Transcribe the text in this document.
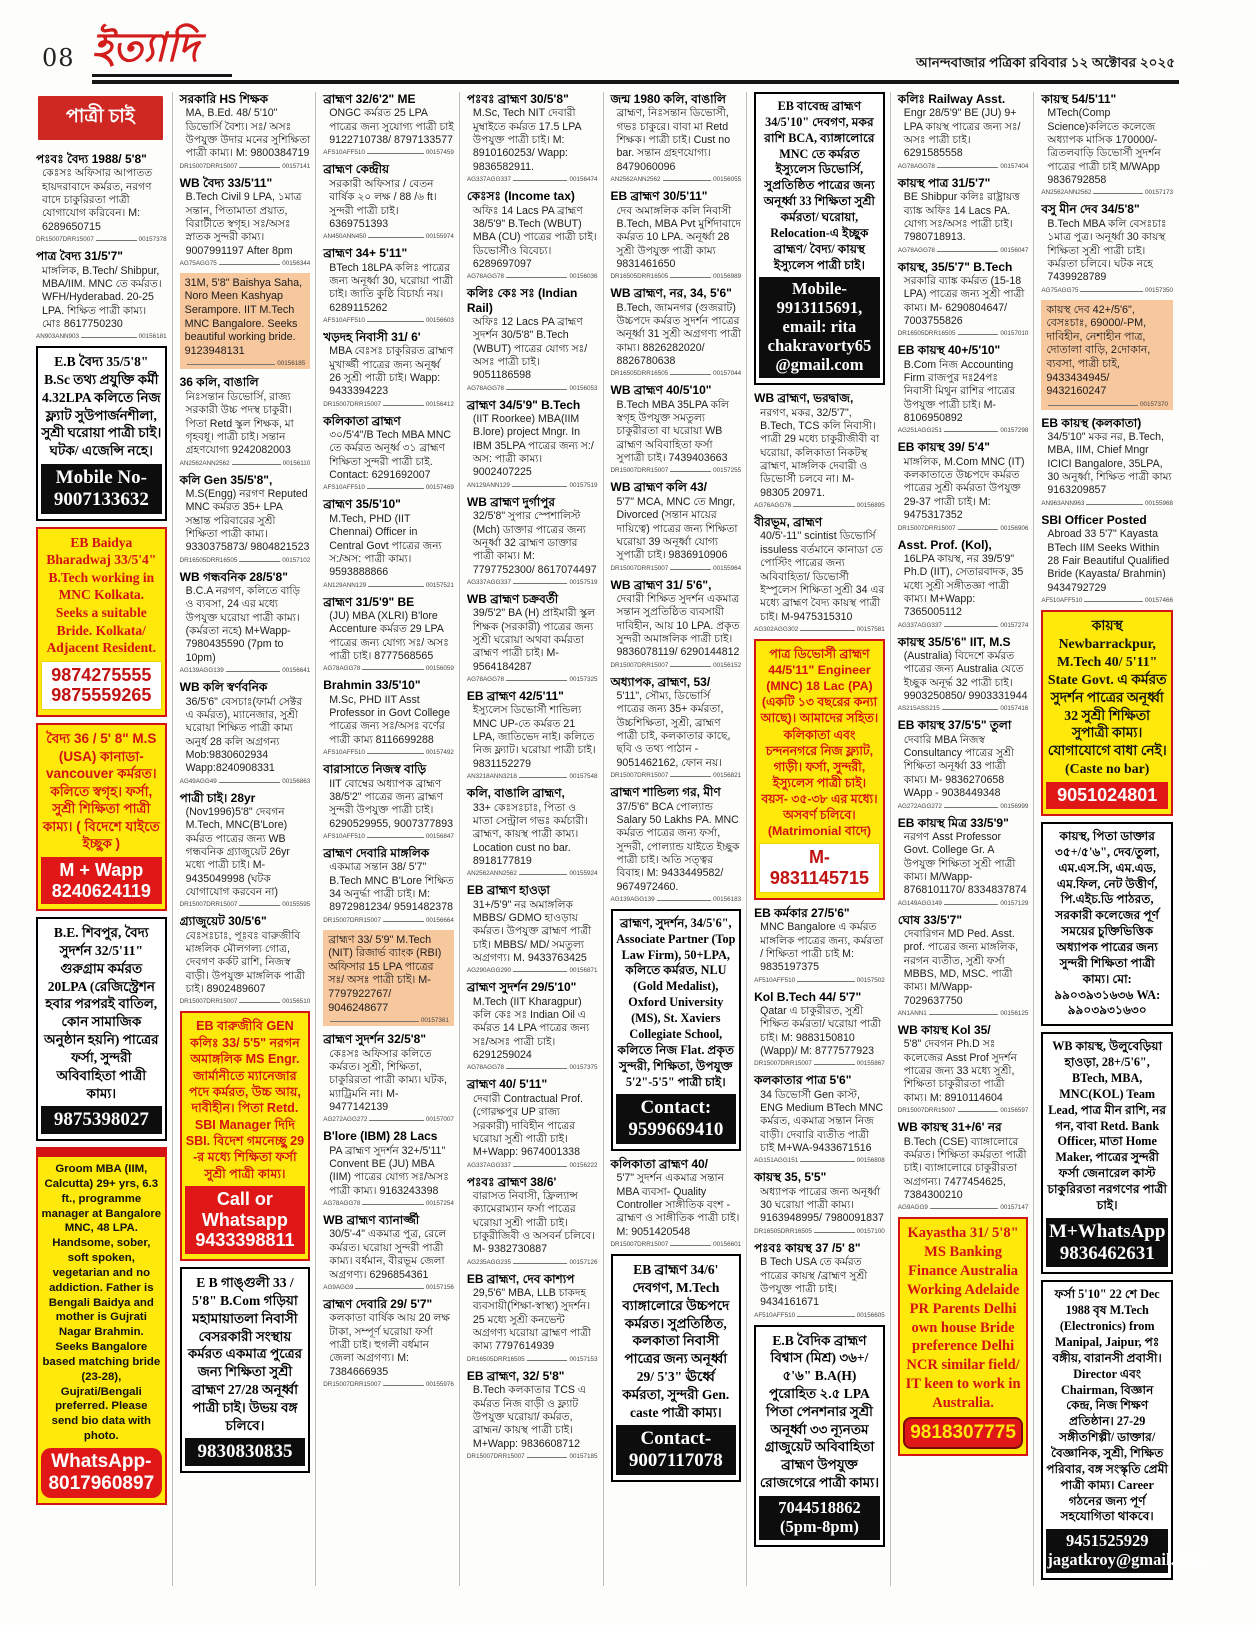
08 ইত্যাদি	আনন্দবাজার পত্রিকা রবিবার ১২ অক্টোবর ২০২৫
পাত্রী চাই
পঃবঃ বৈদ্য 1988/ 5'8"
কেঃসঃ অফিসার আপাতত হায়দরাবাদে কর্মরত, নরগণ বাদে চাকুরিরতা পাত্রী যোগাযোগ করিবেন। M: 6289650715
DR15007DRR15007	00157378
পাত্র বৈদ্য 31/5'7"
মাঙ্গলিক, B.Tech/ Shibpur, MBA/IIM. MNC তে কর্মরত। WFH/Hyderabad. 20-25 LPA. শিক্ষিত পাত্রী কাম্য। মোঃ 8617750230
AN903ANN903	00156181
E.B বৈদ্য 35/5'8" B.Sc তথ্য প্রযুক্তি কর্মী 4.32LPA কলিতে নিজ ফ্ল্যাট সুউপার্জনশীলা, সুশ্রী ঘরোয়া পাত্রী চাই। ঘটক/ এজেন্সি নহে।
Mobile No- 9007133632
EB Baidya Bharadwaj 33/5'4" B.Tech working in MNC Kolkata. Seeks a suitable Bride. Kolkata/ Adjacent Resident.
9874275555 9875559265
বৈদ্য 36 / 5' 8" M.S (USA) কানাডা- vancouver কর্মরত। কলিতে স্বগৃহ। ফর্সা, সুশ্রী শিক্ষিতা পাত্রী কাম্য। ( বিদেশে যাইতে ইচ্ছুক )
M + Wapp 8240624119
B.E. শিবপুর, বৈদ্য সুদর্শন 32/5'11" গুরুগ্রাম কর্মরত 20LPA (রেজিস্ট্রেশন হবার পরপরই বাতিল, কোন সামাজিক অনুষ্ঠান হয়নি) পাত্রের ফর্সা, সুন্দরী অবিবাহিতা পাত্রী কাম্য।
9875398027
Groom MBA (IIM, Calcutta) 29+ yrs, 6.3 ft., programme manager at Bangalore MNC, 48 LPA. Handsome, sober, soft spoken, vegetarian and no addiction. Father is Bengali Baidya and mother is Gujrati Nagar Brahmin. Seeks Bangalore based matching bride (23-28), Gujrati/Bengali preferred. Please send bio data with photo.
WhatsApp- 8017960897
সরকারি HS শিক্ষক
MA, B.Ed. 48/ 5'10" ডিভোর্সি বৈশ্য। সঃ/ অসঃ উপযুক্ত উদার মনের সুশিক্ষিতা পাত্রী কাম্য। M: 9800384719
DR15007DRR15007	00157141
WB বৈদ্য 33/5'11"
B.Tech Civil 9 LPA, ১মাত্র সন্তান, পিতামাতা প্রয়াত, বিরাটীতে স্বগৃহ। সঃ/অসঃ স্নাতক সুন্দরী কাম্য। 9007991197 After 8pm
AG75AGG75	00156344
31M, 5'8" Baishya Saha, Noro Meen Kashyap Serampore. IIT M.Tech MNC Bangalore. Seeks beautiful working bride. 9123948131
00156185
36 কলি, বাঙালি
নিঃসন্তান ডিভোর্সি, রাজ্য সরকারী উচ্চ পদস্থ চাকুরী। পিতা Retd স্কুল শিক্ষক, মা গৃহবধূ। পাত্রী চাই। সন্তান গ্রহণযোগ্য 9242082003
AN2562ANN2562	00156110
কলি Gen 35/5'8",
M.S(Engg) নরগণ Reputed MNC কর্মরত 35+ LPA সম্ভ্রান্ত পরিবারের সুশ্রী শিক্ষিতা পাত্রী কাম্য। 9330375873/ 9804821523
DR16505DRR16505	00157102
WB গন্ধবনিক 28/5'8"
B.C.A নরগণ, কলিতে বাড়ি ও ব্যবসা, 24 এর মধ্যে উপযুক্ত ঘরোয়া পাত্রী কাম্য। (কর্মরতা নহে) M+Wapp-7980435590 (7pm to 10pm)
AG139AGG139	00156641
WB কলি স্বর্ণবনিক
36/5'6" বেসচাঃ(ফার্মা সেক্টর এ কর্মরত), ম্যানেজার, সুশ্রী ঘরোয়া শিক্ষিত পাত্রী কাম্য অনুর্ধ 28 কলি অগ্রগন্য Mob:9830602934 Wapp:8240908331
AG49AGG49	00156863
পাত্রী চাই। 28yr
(Nov1996)5'8" দেবগন M.Tech, MNC(B'Lore) কর্মরত পাত্রের জন্য WB গন্ধবনিক গ্র্যাজুয়েট 26yr মধ্যে পাত্রী চাই। M-9435049998 (ঘটক যোগাযোগ করবেন না)
DR15007DRR15007	00155595
গ্র্যাজুয়েট 30/5'6"
বেঃসঃচাঃ, পূঃবঃ বারুজীবি মাঙ্গলিক মৌলগল্য গোত্র, দেবগণ কর্কট রাশি, নিজস্ব বাড়ী। উপযুক্ত মাঙ্গলিক পাত্রী চাই। 8902489607
DR15007DRR15007	00156510
EB বারুজীবি GEN কলিঃ 33/ 5'5" নরগন অমাঙ্গলিক MS Engr. জার্মানীতে ম্যানেজার পদে কর্মরত, উচ্চ আয়, দাবীহীন। পিতা Retd. SBI Manager দিদি SBI. বিদেশ গমনেচ্ছু 29 -র মধ্যে শিক্ষিতা ফর্সা সুশ্রী পাত্রী কাম্য।
Call or Whatsapp 9433398811
E B গাঙ্গুলী 33 / 5'8" B.Com গড়িয়া মহামায়াতলা নিবাসী বেসরকারী সংস্থায় কর্মরত একমাত্র পুত্রের জন্য শিক্ষিতা সুশ্রী ব্রাহ্মণ 27/28 অনূর্ধ্বা পাত্রী চাই। উভয় বঙ্গ চলিবে।
9830830835
ব্রাহ্মণ 32/6'2" ME
ONGC কর্মরত 25 LPA পাত্রের জন্য সুযোগ্য পাত্রী চাই 9122710738/ 8797133577
AFS10AFF510	00157459
ব্রাহ্মণ কেন্দ্রীয়
সরকারী অফিসার / বেতন বার্ষিক ২০ লক্ষ / 88 /৬ ft। সুন্দরী পাত্রী চাই। 6369751393
AN450ANN450	00155974
ব্রাহ্মণ 34+ 5'11"
BTech 18LPA কলিঃ পাত্রের জন্য অনূর্ধ্বা 30, ঘরোয়া পাত্রী চাই। জাতি কুষ্ঠি বিচার্য্য নয়। 6289115262
AFS10AFF510	00156603
খড়দহ নিবাসী 31/ 6'
MBA বেঃসঃ চাকুরিরত ব্রাহ্মণ মুখার্জ্জী পাত্রের জন্য অনূর্ধ্ব 26 সুশ্রী পাত্রী চাই। Wapp: 9433394223
DR15007DRR15007	00156412
কলিকাতা ব্রাহ্মণ
৩০/5'4"/B Tech MBA MNC তে কর্মরত অনূর্ধ্ব ৩১ ব্রাহ্মণ শিক্ষিতা সুন্দরী পাত্রী চাই. Contact: 6291692007
AFS10AFF510	00157469
ব্রাহ্মণ 35/5'10"
M.Tech, PHD (IIT Chennai) Officer in Central Govt পাত্রের জন্য স:/অস: পাত্রী কাম্য। 9593888866
AN129ANN129	00157521
ব্রাহ্মণ 31/5'9" BE
(JU) MBA (XLRI) B'lore Accenture কর্মরত 29 LPA পাত্রের জন্য যোগ্য সঃ/ অসঃ পাত্রী চাই। 8777568565
AG78AGG78	00156059
Brahmin 33/5'10"
M.Sc, PHD IIT Asst Professor in Govt College পাত্রের জন্য সঃ/অসঃ বর্ণের পাত্রী কাম্য 8116699288
AFS10AFF510	00157492
বারাসাতে নিজস্ব বাড়ি
IIT বোম্বের অধ্যাপক ব্রাহ্মণ 38/5'2" পাত্রের জন্য ব্রাহ্মণ সুন্দরী উপযুক্ত পাত্রী চাই। 6290529955, 9007377893
AFS10AFF510	00156847
ব্রাহ্মণ দেবারি মাঙ্গলিক
একমাত্র সন্তান 38/ 5'7" B.Tech MNC B'Lore শিক্ষিত 34 অনুর্দ্ধা পাত্রী চাই। M: 8972981234/ 9591482378
DR15007DRR15007	00156664
ব্রাহ্মণ 33/ 5'9" M.Tech (NIT) রিজার্ভ ব্যাংক (RBI) অফিসার 15 LPA পাত্রের সঃ/ অসঃ পাত্রী চাই। M- 7797922767/ 9046248677
00157361
ব্রাহ্মণ সুদর্শন 32/5'8"
কেঃসঃ অফিসার কলিতে কর্মরত। সুশ্রী, শিক্ষিতা, চাকুরিরতা পাত্রী কাম্য। ঘটক, ম্যাট্রিমনি না। M- 9477142139
AG272AGG272	00157007
B'lore (IBM) 28 Lacs
PA ব্রাহ্মণ সুদর্শন 32+/5'11" Convent BE (JU) MBA (IIM) পাত্রের যোগ্য সঃ/অসঃ পাত্রী কাম্য। 9163243398
AG78AGG78	00157254
WB ব্রাহ্মণ ব্যানার্জ্জী
30/5'-4" একমাত্র পুত্র, রেলে কর্মরত। ঘরোয়া সুন্দরী পাত্রী কাম্য। বর্ধমান, বীরভূম জেলা অগ্রগণ্য। 6296854361
AG9AGG9	00157156
ব্রাহ্মণ দেবারি 29/ 5'7"
কলকাতা বার্ষিক আয় 20 লক্ষ টাকা, সম্পূর্ণ ঘরোয়া ফর্সা পাত্রী চাই। হুগলী বর্ধমান জেলা অগ্রগণ্য। M: 7384666935
DR15007DRR15007	00155976
পঃবঃ ব্রাহ্মণ 30/5'8"
M.Sc, Tech NIT দেবারী মুম্বাইতে কর্মরত 17.5 LPA উপযুক্ত পাত্রী চাই। M: 8910160253/ Wapp: 9836582911.
AG337AGG337	00156474
কেঃসঃ (Income tax)
অফিঃ 14 Lacs PA ব্রাহ্মণ 38/5'9" B.Tech (WBUT) MBA (CU) পাত্রের পাত্রী চাই। ডিভোর্সীও বিবেচ্য। 6289697097
AG78AGG78	00156036
কলিঃ কেঃ সঃ (Indian Rail)
অফিঃ 12 Lacs PA ব্রাহ্মণ সুদর্শন 30/5'8" B.Tech (WBUT) পাত্রের যোগ্য সঃ/অসঃ পাত্রী চাই। 9051186598
AG78AGG78	00156053
ব্রাহ্মণ 34/5'9" B.Tech
(IIT Roorkee) MBA(IIM B.lore) project Mngr. In IBM 35LPA পাত্রের জন্য স:/অস: পাত্রী কাম্য। 9002407225
AN129ANN129	00157519
WB ব্রাহ্মণ দুর্গাপুর
32/5'8" সুপার স্পেশালিস্ট (Mch) ডাক্তার পাত্রের জন্য অনূর্ধ্বা 32 ব্রাহ্মণ ডাক্তার পাত্রী কাম্য। M: 7797752300/ 8617074497
AG337AGG337	00157519
WB ব্রাহ্মণ চক্রবর্তী
39/5'2" BA (H) প্রাইমারী স্কুল শিক্ষক (সরকারী) পাত্রের জন্য সুশ্রী ঘরোয়া অথবা কর্মরতা ব্রাহ্মণ পাত্রী চাই। M- 9564184287
AG78AGG78	00157325
EB ব্রাহ্মণ 42/5'11"
ইস্যুলেস ডিভোর্সী শান্ডিল্য MNC UP-তে কর্মরত 21 LPA, জাতিভেদ নাই। কলিতে নিজ ফ্ল্যাট। ঘরোয়া পাত্রী চাই। 9831152279
AN3218ANN3218	00157548
কলি, বাঙালি ব্রাহ্মণ,
33+ কেঃসঃচাঃ, পিতা ও মাতা সেন্ট্রাল গভঃ কর্মচারী। ব্রাহ্মণ, কায়স্থ পাত্রী কাম্য। Location cust no bar. 8918177819
AN2562ANN2562	00155924
EB ব্রাহ্মণ হাওড়া
31+/5'9" নর অমাঙ্গলিক MBBS/ GDMO হাওড়ায় কর্মরত। উপযুক্ত ব্রাহ্মণ পাত্রী চাই। MBBS/ MD/ সমতুল্য অগ্রগণ্য। M. 9433763425
AG290AGG290	00156871
ব্রাহ্মণ সুদর্শন 29/5'10"
M.Tech (IIT Kharagpur) কলি কেঃ সঃ Indian Oil এ কর্মরত 14 LPA পাত্রের জন্য সঃ/অসঃ পাত্রী চাই। 6291259024
AG78AGG78	00157375
ব্রাহ্মণ 40/ 5'11"
দেবারী Contractual Prof. (গোরক্ষপুর UP রাজ্য সরকারী) দাবিহীন পাত্রের ঘরোয়া সুশ্রী পাত্রী চাই। M+Wapp: 9674001338
AG337AGG337	00156222
পঃবঃ ব্রাহ্মণ 38/6'
বারাসত নিবাসী, ফ্রিল্যান্স ক্যামেরাম্যান ফর্সা পাত্রের ঘরোয়া সুশ্রী পাত্রী চাই। চাকুরীজিবী ও অসবর্ন চলিবে। M- 9382730887
AG235AGG235	00157126
EB ব্রাহ্মণ, দেব কাশ্যপ
29,5'6" MBA, LLB চাকদহ ব্যবসায়ী(শিক্ষা-স্বাস্থ্য) সুদর্শন। 25 মধ্যে সুশ্রী কনভেন্ট অগ্রগণ্য ঘরোয়া ব্রাহ্মণ পাত্রী কাম্য 7797614939
DR16505DRR16505	00157153
EB ব্রাহ্মণ, 32/ 5'8"
B.Tech কলকাতার TCS এ কর্মরত নিজ বাড়ী ও ফ্ল্যাট উপযুক্ত ঘরোয়া/ কর্মরত, ব্রাহ্মন/ কায়স্থ পাত্রী চাই। M+Wapp: 9836608712
DR15007DRR15007	00157185
জন্ম 1980 কলি, বাঙালি
ব্রাহ্মণ, নিঃসন্তান ডিভোর্সী, গভঃ চাকুরে। বাবা মা Retd শিক্ষক। পাত্রী চাই। Cust no bar. সন্তান গ্রহণযোগ্য। 8479060096
AN2562ANN2562	00156055
EB ব্রাহ্মণ 30/5'11"
দেব অমাঙ্গলিক কলি নিবাসী B.Tech, MBA Pvt মুর্শিদাবাদে কর্মরত 10 LPA. অনূর্ধ্বা 28 সুশ্রী উপযুক্ত পাত্রী কাম্য 9831461650
DR16505DRR16505	00156989
WB ব্রাহ্মণ, নর, 34, 5'6"
B.Tech, জামনগর (গুজরাট) উচ্চপদে কর্মরত সুদর্শন পাত্রের অনূর্ধ্বা 31 সুশ্রী অগ্রগণ্য পাত্রী কাম্য। 8826282020/ 8826780638
DR16505DRR16505	00157044
WB ব্রাহ্মণ 40/5'10"
B.Tech MBA 35LPA কলি স্বগৃহ উপযুক্ত সমতুল্য চাকুরীরতা বা ঘরোয়া WB ব্রাহ্মণ অবিবাহিতা ফর্সা সুপাত্রী চাই। 7439403663
DR15007DRR15007	00157255
WB ব্রাহ্মণ কলি 43/
5'7" MCA, MNC তে Mngr, Divorced (সন্তান মায়ের দায়িত্বে) পাত্রের জন্য শিক্ষিতা ঘরোয়া 39 অনূর্ধ্বা যোগ্য সুপাত্রী চাই। 9836910906
DR15007DRR15007	00155964
WB ব্রাহ্মণ 31/ 5'6",
দেবারী শিক্ষিত সুদর্শন একমাত্র সন্তান সুপ্রতিষ্ঠিত ব্যবসায়ী দাবিহীন, আয় 10 LPA. প্রকৃত সুন্দরী অমাঙ্গলিক পাত্রী চাই। 9836078119/ 6290144812
DR15007DRR15007	00156152
অধ্যাপক, ব্রাহ্মণ, 53/
5'11", সৌম্য, ডিভোর্সি পাত্রের জন্য 35+ কর্মরতা, উচ্চশিক্ষিতা, সুশ্রী, ব্রাহ্মণ পাত্রী চাই, কলকাতার কাছে, ছবি ও তথ্য পাঠান - 9051462162, ফোন নয়।
DR15007DRR15007	00156821
ব্রাহ্মণ শান্ডিল্য গর, মীণ
37/5'6" BCA পোল্যান্ড Salary 50 Lakhs PA. MNC কর্মরত পাত্রের জন্য ফর্সা, সুন্দরী, পোল্যান্ড যাইতে ইচ্ছুক পাত্রী চাই। অতি সত্ত্বর বিবাহ। M: 9433449582/ 9674972460.
AG139AGG139	00156183
ব্রাহ্মণ, সুদর্শন, 34/5'6", Associate Partner (Top Law Firm), 50+LPA, কলিতে কর্মরত, NLU (Gold Medalist), Oxford University (MS), St. Xaviers Collegiate School, কলিতে নিজ Flat. প্রকৃত সুন্দরী, শিক্ষিতা, উপযুক্ত 5'2"-5'5" পাত্রী চাই।
Contact: 9599669410
কলিকাতা ব্রাহ্মণ 40/
5'7" সুদর্শন একমাত্র সন্তান MBA ব্যবসা- Quality Controller সাঙ্গীতিক বংশ - ব্রাহ্মণ ও সাঙ্গীতিক পাত্রী চাই। M: 9051420548
DR15007DRR15007	00156601
EB ব্রাহ্মণ 34/6' দেবগণ, M.Tech ব্যাঙ্গালোরে উচ্চপদে কর্মরত। সুপ্রতিষ্ঠিত, কলকাতা নিবাসী পাত্রের জন্য অনূর্ধ্বা 29/ 5'3" ঊর্ধ্বে কর্মরতা, সুন্দরী Gen. caste পাত্রী কাম্য।
Contact- 9007117078
EB বাবেন্দ্র ব্রাহ্মণ 34/5'10" দেবগণ, মকর রাশি BCA, ব্যাঙ্গালোরে MNC তে কর্মরত ইস্যুলেস ডিভোর্সি, সুপ্রতিষ্ঠিত পাত্রের জন্য অনূর্ধ্বা 33 শিক্ষিতা সুশ্রী কর্মরতা/ ঘরোয়া, Relocation-এ ইচ্ছুক ব্রাহ্মণ/ বৈদ্য/ কায়স্থ ইস্যুলেস পাত্রী চাই।
Mobile- 9913115691, email: rita chakravorty65 @gmail.com
WB ব্রাহ্মণ, ভরদ্বাজ,
নরগণ, মকর, 32/5'7", B.Tech, TCS কলি নিবাসী। পাত্রী 29 মধ্যে চাকুরীজীবী বা ঘরোয়া, কলিকাতা নিকটস্থ ব্রাহ্মণ, মাঙ্গলিক দেবারী ও ডিভোর্সী চলবে না। M- 98305 20971.
AG76AGG76	00156895
বীরভূম, ব্রাহ্মণ
40/5'-11'' scintist ডিভোর্সি issuless বর্তমানে কানাডা তে পোস্টিং পাত্রের জন্য অবিবাহিতা/ ডিভোর্সী ইস্পুলেস শিক্ষিতা সুশ্রী 34 এর মধ্যে ব্রাহ্মণ বৈদ্য কায়স্থ পাত্রী চাই। M-9475315310
AG302AGG302	00157581
পাত্র ডিভোর্সী ব্রাহ্মণ 44/5'11" Engineer (MNC) 18 Lac (PA) (একটি ১৩ বছরের কন্যা আছে)। আমাদের সহিত। কলিকাতা এবং চন্দননগরে নিজ ফ্ল্যাট, গাড়ী। ফর্সা, সুন্দরী, ইস্যুলেস পাত্রী চাই। বয়স- ৩৫-৩৮ এর মধ্যে। অসবর্ণ চলিবে। (Matrimonial বাদে)
M- 9831145715
EB কর্মকার 27/5'6"
MNC Bangalore এ কর্মরত মাঙ্গলিক পাত্রের জন্য, কর্মরতা / শিক্ষিতা পাত্রী চাই M: 9835197375
AF510AFF510	00157502
Kol B.Tech 44/ 5'7"
Qatar এ চাকুরীরত, সুশ্রী শিক্ষিত কর্মরতা/ ঘরোয়া পাত্রী চাই। M: 9883150810 (Wapp)/ M: 8777577923
DR15007DRR15007	00155867
কলকাতার পাত্র 5'6"
34 ডিভোর্সী Gen কাস্ট, ENG Medium BTech MNC কর্মরত, একমাত্র সন্তান নিজ বাড়ী। দেবারি ব্যতীত পাত্রী চাই M+WA-9433671516
AG151AGG151	00156808
কায়স্থ 35, 5'5"
অধ্যাপক পাত্রের জন্য অনূর্ধ্বা 30 ঘরোয়া পাত্রী কাম্য। 9163948995/ 7980091837
DR16505DRR16505	00157100
পঃবঃ কায়স্থ 37 /5' 8"
B Tech USA তে কর্মরত পাত্রের কায়স্থ /ব্রাহ্মণ সুশ্রী উপযুক্ত পাত্রী চাই। 9434161671
AF510AFF510	00156605
E.B বৈদিক ব্রাহ্মণ বিশ্বাস (মিশ্র) ৩৬+/ ৫'৬" B.A(H) পুরোহিত ২.৫ LPA পিতা পেনশনার সুশ্রী অনূর্ধ্বা ৩৩ ন্যূনতম গ্রাজুয়েট অবিবাহিতা ব্রাহ্মণ উপযুক্ত রোজগেরে পাত্রী কাম্য।
7044518862 (5pm-8pm)
কলিঃ Railway Asst.
Engr 28/5'9" BE (JU) 9+ LPA কায়স্থ পাত্রের জন্য সঃ/অসঃ পাত্রী চাই। 6291585558
AG78AGG78	00157404
কায়স্থ পাত্র 31/5'7"
BE Shibpur কলিঃ রাষ্ট্রায়ত্ত ব্যাঙ্ক অফিঃ 14 Lacs PA. যোগ্য সঃ/অসঃ পাত্রী চাই। 7980718913.
AG78AGG78	00156047
কায়স্থ, 35/5'7" B.Tech
সরকারি ব্যাঙ্ক কর্মরত (15-18 LPA) পাত্রের জন্য সুশ্রী পাত্রী কাম্য। M- 6290804647/ 7003755826
DR16505DRR16505	00157010
EB কায়স্থ 40+/5'10"
B.Com নিজ Accounting Firm রাজপুর দঃ24পঃ নিবাসী মিথুন রাশির পাত্রের উপযুক্ত পাত্রী চাই। M-8106950892
AG251AGG251	00157298
EB কায়স্থ 39/ 5'4"
মাঙ্গলিক, M.Com MNC (IT) কলকাতাতে উচ্চপদে কর্মরত পাত্রের সুশ্রী কর্মরতা উপযুক্ত 29-37 পাত্রী চাই। M: 9475317352
DR15007DRR15007	00156906
Asst. Prof. (Kol),
16LPA কায়স্থ, নর 39/5'9" Ph.D (IIT), সেতারবাদক, 35 মধ্যে সুশ্রী সঙ্গীতজ্ঞা পাত্রী কাম্য। M+Wapp: 7365005112
AG337AGG337	00157274
কায়স্থ 35/5'6" IIT, M.S
(Australia) বিদেশে কর্মরত পাত্রের জন্য Australia যেতে ইচ্ছুক অনূর্দ্ধ 32 পাত্রী চাই। 9903250850/ 9903331944
AS215ASS215	00157416
EB কায়স্থ 37/5'5" তুলা
দেবারি MBA নিজস্ব Consultancy পাত্রের সুশ্রী শিক্ষিতা অনূর্ধ্বা 33 পাত্রী কাম্য। M- 9836270658 WApp - 9038449348
AG272AGG272	00156999
EB কায়স্থ মিত্র 33/5'9"
নরগণ Asst Professor Govt. College Gr. A উপযুক্ত শিক্ষিতা সুশ্রী পাত্রী কাম্য। M/Wapp- 8768101170/ 8334837874
AG149AGG149	00157129
ঘোষ 33/5'7"
দেবারিগন MD Ped. Asst. prof. পাত্রের জন্য মাঙ্গলিক, নরগন ব্যতীত, সুশ্রী ফর্সা MBBS, MD, MSC. পাত্রী কাম্য। M/Wapp-7029637750
AN1ANN1	00156125
WB কায়স্থ Kol 35/
5'8" দেবগন Ph.D সঃ কলেজের Asst Prof সুদর্শন পাত্রের জন্য 33 মধ্যে সুশ্রী, শিক্ষিতা চাকুরীরতা পাত্রী কাম্য। M: 8910114604
DR15007DRR15007	00156597
WB কায়স্থ 31+/6' নর
B.Tech (CSE) ব্যাঙ্গালোরে কর্মরত। শিক্ষিতা কর্মরতা পাত্রী চাই। ব্যাঙ্গালোরে চাকুরীরতা অগ্রগন্য। 7477454625, 7384300210
AG9AGG9	00157147
Kayastha 31/ 5'8" MS Banking Finance Australia Working Adelaide PR Parents Delhi own house Bride preference Delhi NCR similar field/ IT keen to work in Australia.
9818307775
কায়স্থ 54/5'11"
MTech(Comp Science)কলিতে কলেজে অধ্যাপক মাসিক 170000/- ত্রিতলবাড়ি ডিভোর্সী সুদর্শন পাত্রের পাত্রী চাই M/WApp 9836792858
AN2562ANN2562	00157173
বসু মীন দেব 34/5'8"
B.Tech MBA কলি বেসঃচাঃ ১মাত্র পুত্র। অনূর্ধ্বা 30 কায়স্থ শিক্ষিতা সুশ্রী পাত্রী চাই। কর্মরতা চলিবে। ঘটক নহে 7439928789
AG75AGG75	00157350
কায়স্থ দেব 42+/5'6", বেসঃচাঃ, 69000/-PM, দাবিহীন, নেশাহীন পাত্র, দোতালা বাড়ি, 2দোকান, ব্যবসা, পাত্রী চাই, 9433434945/ 9432160247
00157370
EB কায়স্থ (কলকাতা)
34/5'10" মকর নর, B.Tech, MBA, IIM, Chief Mngr ICICI Bangalore, 35LPA, 30 অনুর্ধ্বা, শিক্ষিত পাত্রী কাম্য 9163209857
AN963ANN963	00155968
SBI Officer Posted
Abroad 33 5'7" Kayasta BTech IIM Seeks Within 28 Fair Beautiful Qualified Bride (Kayasta/ Brahmin) 9434792729
AF510AFF510	00157466
কায়স্থ Newbarrackpur, M.Tech 40/ 5'11" State Govt. এ কর্মরত সুদর্শন পাত্রের অনূর্ধ্বা 32 সুশ্রী শিক্ষিতা সুপাত্রী কাম্য। যোগাযোগে বাধা নেই। (Caste no bar)
9051024801
কায়স্থ, পিতা ডাক্তার ৩৫+/৫'৬", দেব/তুলা, এম.এস.সি, এম.এড, এম.ফিল, নেট উত্তীর্ণ, পি.এইচ.ডি পাঠরত, সরকারী কলেজের পূর্ণ সময়ের চুক্তিভিত্তিক অধ্যাপক পাত্রের জন্য সুন্দরী শিক্ষিতা পাত্রী কাম্য। মো: ৯৯০৩৯৩১৬৩৬ WA: ৯৯০৩৯৩১৬৩০
WB কায়স্থ, উলুবেড়িয়া হাওড়া, 28+/5'6", BTech, MBA, MNC(KOL) Team Lead, পাত্র মীন রাশি, নর গন, বাবা Retd. Bank Officer, মাতা Home Maker, পাত্রের সুন্দরী ফর্সা জেনারেল কাস্ট চাকুরিরতা নরগণের পাত্রী চাই।
M+WhatsApp 9836462631
ফর্সা 5'10" 22 শে Dec 1988 বৃষ M.Tech (Electronics) from Manipal, Jaipur, পঃ বঙ্গীয়, বারানসী প্রবাসী। Director এবং Chairman, বিজ্ঞান কেন্দ্র, নিজ শিক্ষণ প্রতিষ্ঠান। 27-29 সঙ্গীতশিল্পী/ ডাক্তার/ বৈজ্ঞানিক, সুশ্রী, শিক্ষিত পরিবার, বঙ্গ সংস্কৃতি প্রেমী পাত্রী কাম্য। Career গঠনের জন্য পূর্ণ সহযোগিতা থাকবে।
9451525929 jagatkroy@gmail.com
